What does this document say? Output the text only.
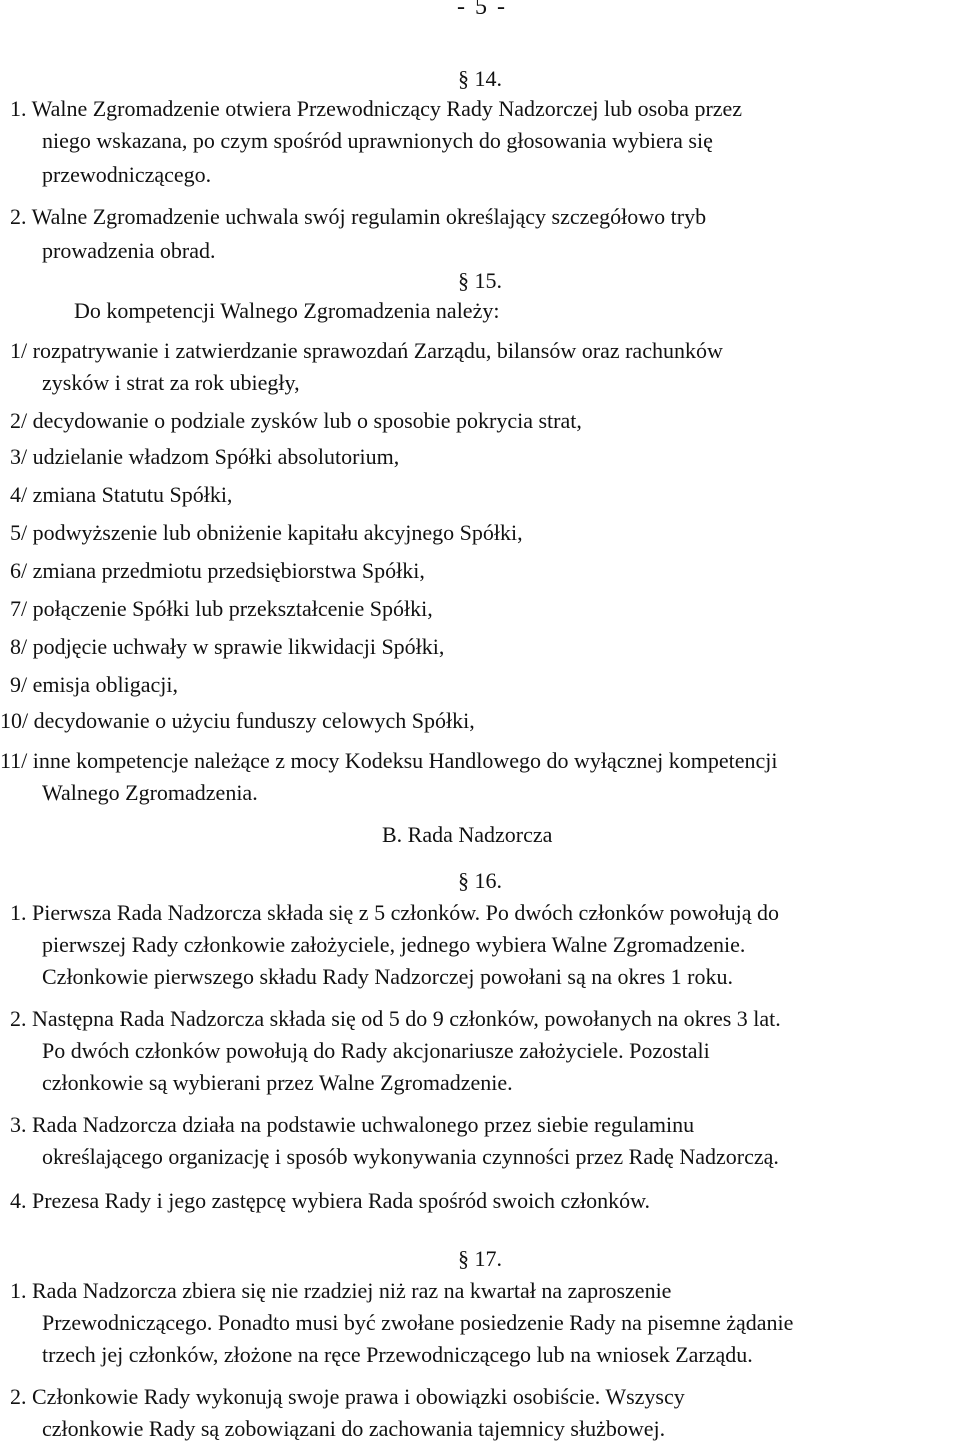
- 5 -
§ 14.
1. Walne Zgromadzenie otwiera Przewodniczący Rady Nadzorczej lub osoba przez
niego wskazana, po czym spośród uprawnionych do głosowania wybiera się
przewodniczącego.
2. Walne Zgromadzenie uchwala swój regulamin określający szczegółowo tryb
prowadzenia obrad.
§ 15.
Do kompetencji Walnego Zgromadzenia należy:
1/ rozpatrywanie i zatwierdzanie sprawozdań Zarządu, bilansów oraz rachunków
zysków i strat za rok ubiegły,
2/ decydowanie o podziale zysków lub o sposobie pokrycia strat,
3/ udzielanie władzom Spółki absolutorium,
4/ zmiana Statutu Spółki,
5/ podwyższenie lub obniżenie kapitału akcyjnego Spółki,
6/ zmiana przedmiotu przedsiębiorstwa Spółki,
7/ połączenie Spółki lub przekształcenie Spółki,
8/ podjęcie uchwały w sprawie likwidacji Spółki,
9/ emisja obligacji,
10/ decydowanie o użyciu funduszy celowych Spółki,
11/ inne kompetencje należące z mocy Kodeksu Handlowego do wyłącznej kompetencji
Walnego Zgromadzenia.
B. Rada Nadzorcza
§ 16.
1. Pierwsza Rada Nadzorcza składa się z 5 członków. Po dwóch członków powołują do
pierwszej Rady członkowie założyciele, jednego wybiera Walne Zgromadzenie.
Członkowie pierwszego składu Rady Nadzorczej powołani są na okres 1 roku.
2. Następna Rada Nadzorcza składa się od 5 do 9 członków, powołanych na okres 3 lat.
Po dwóch członków powołują do Rady akcjonariusze założyciele. Pozostali
członkowie są wybierani przez Walne Zgromadzenie.
3. Rada Nadzorcza działa na podstawie uchwalonego przez siebie regulaminu
określającego organizację i sposób wykonywania czynności przez Radę Nadzorczą.
4. Prezesa Rady i jego zastępcę wybiera Rada spośród swoich członków.
§ 17.
1. Rada Nadzorcza zbiera się nie rzadziej niż raz na kwartał na zaproszenie
Przewodniczącego. Ponadto musi być zwołane posiedzenie Rady na pisemne żądanie
trzech jej członków, złożone na ręce Przewodniczącego lub na wniosek Zarządu.
2. Członkowie Rady wykonują swoje prawa i obowiązki osobiście. Wszyscy
członkowie Rady są zobowiązani do zachowania tajemnicy służbowej.
